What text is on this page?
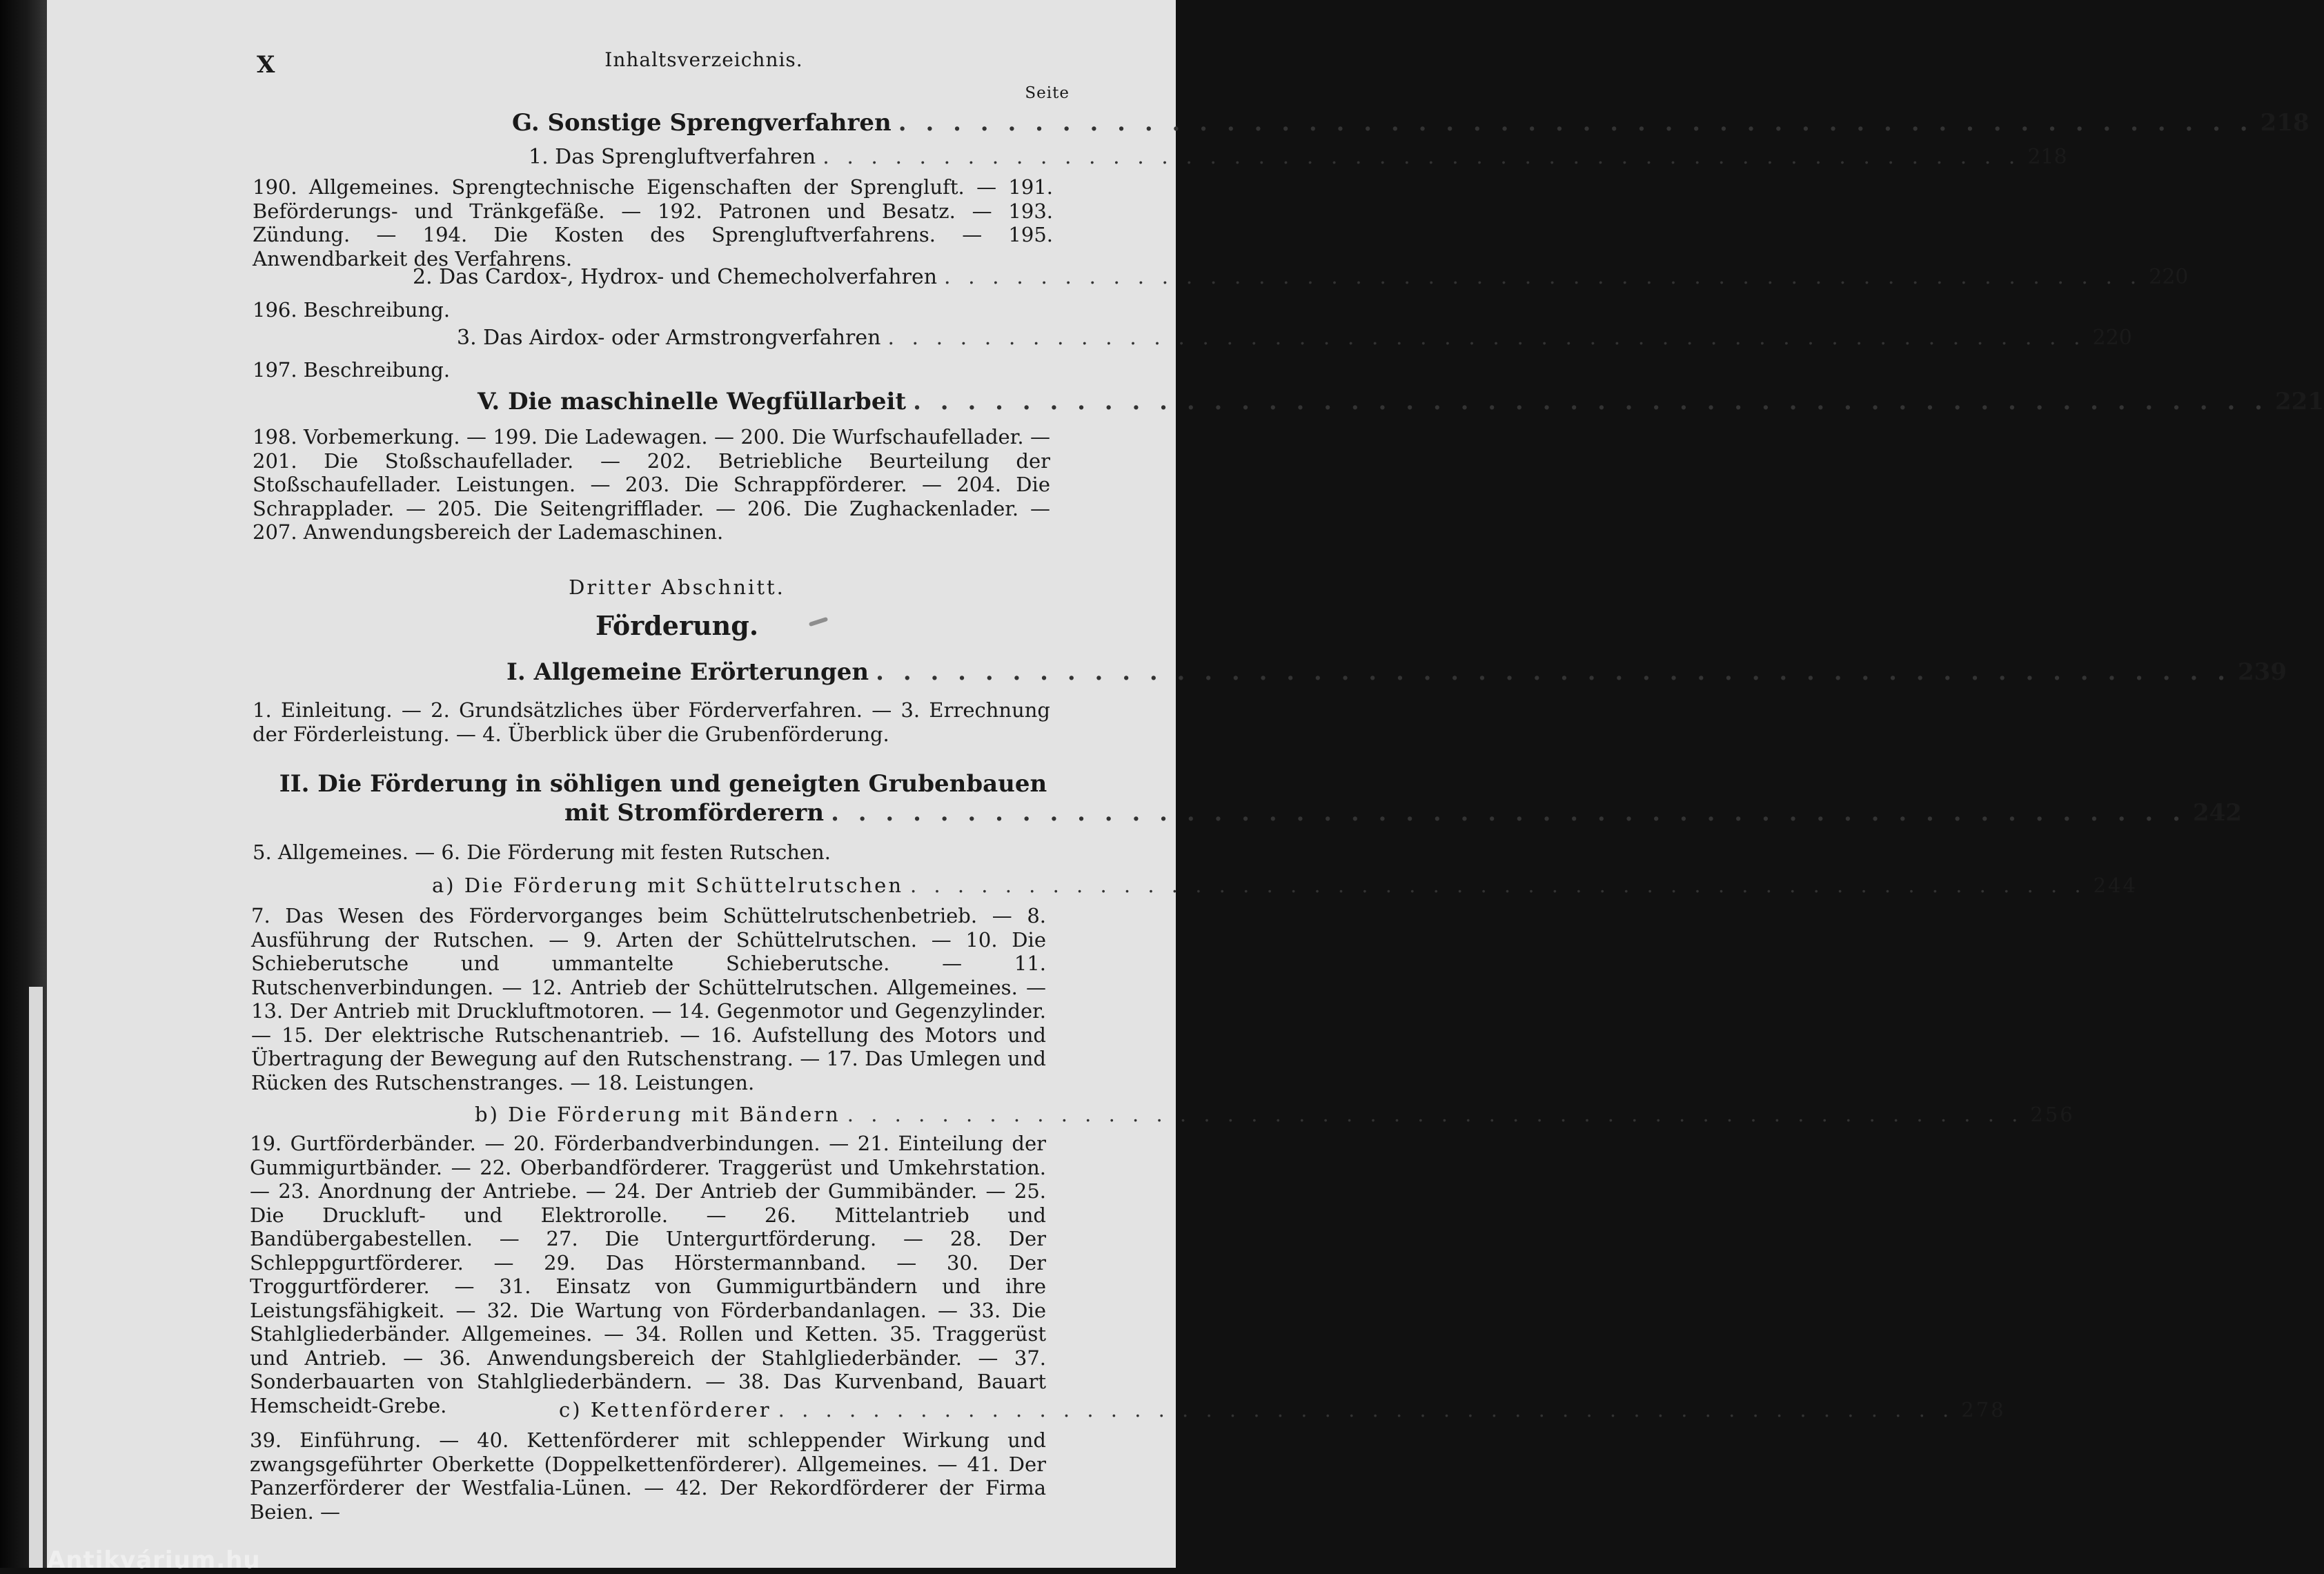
Antikvárium.hu
X	Inhaltsverzeichnis.
Seite
G. Sonstige Sprengverfahren . . . . . . . . . . . . . . . . . . . . . . . . . . . . . . . . . . . . . . . . . . . . . . . . . . 218
1. Das Sprengluftverfahren . . . . . . . . . . . . . . . . . . . . . . . . . . . . . . . . . . . . . . . . . . . . . . . . . . 218
190. Allgemeines. Sprengtechnische Eigenschaften der Sprengluft. — 191. Beförderungs- und Tränkgefäße. — 192. Patronen und Besatz. — 193. Zündung. — 194. Die Kosten des Sprengluftverfahrens. — 195. Anwendbarkeit des Verfahrens.
2. Das Cardox-, Hydrox- und Chemecholverfahren . . . . . . . . . . . . . . . . . . . . . . . . . . . . . . . . . . . . . . . . . . . . . . . . . . 220
196. Beschreibung.
3. Das Airdox- oder Armstrongverfahren . . . . . . . . . . . . . . . . . . . . . . . . . . . . . . . . . . . . . . . . . . . . . . . . . . 220
197. Beschreibung.
V. Die maschinelle Wegfüllarbeit . . . . . . . . . . . . . . . . . . . . . . . . . . . . . . . . . . . . . . . . . . . . . . . . . . 221
198. Vorbemerkung. — 199. Die Ladewagen. — 200. Die Wurfschaufellader. — 201. Die Stoßschaufellader. — 202. Betriebliche Beurteilung der Stoßschaufellader. Leistungen. — 203. Die Schrappförderer. — 204. Die Schrapplader. — 205. Die Seitengrifflader. — 206. Die Zughackenlader. — 207. Anwendungsbereich der Lademaschinen.
Dritter Abschnitt.
Förderung.
I. Allgemeine Erörterungen . . . . . . . . . . . . . . . . . . . . . . . . . . . . . . . . . . . . . . . . . . . . . . . . . . 239
1. Einleitung. — 2. Grundsätzliches über Förderverfahren. — 3. Errechnung der Förderleistung. — 4. Überblick über die Grubenförderung.
II. Die Förderung in söhligen und geneigten Grubenbauen
mit Stromförderern . . . . . . . . . . . . . . . . . . . . . . . . . . . . . . . . . . . . . . . . . . . . . . . . . . 242
5. Allgemeines. — 6. Die Förderung mit festen Rutschen.
a) Die Förderung mit Schüttelrutschen . . . . . . . . . . . . . . . . . . . . . . . . . . . . . . . . . . . . . . . . . . . . . . . . . . 244
7. Das Wesen des Fördervorganges beim Schüttelrutschenbetrieb. — 8. Ausführung der Rutschen. — 9. Arten der Schüttelrutschen. — 10. Die Schieberutsche und ummantelte Schieberutsche. — 11. Rutschenverbindungen. — 12. Antrieb der Schüttelrutschen. Allgemeines. — 13. Der Antrieb mit Druckluftmotoren. — 14. Gegenmotor und Gegenzylinder. — 15. Der elektrische Rutschenantrieb. — 16. Aufstellung des Motors und Übertragung der Bewegung auf den Rutschenstrang. — 17. Das Umlegen und Rücken des Rutschenstranges. — 18. Leistungen.
b) Die Förderung mit Bändern . . . . . . . . . . . . . . . . . . . . . . . . . . . . . . . . . . . . . . . . . . . . . . . . . . 256
19. Gurtförderbänder. — 20. Förderbandverbindungen. — 21. Einteilung der Gummigurtbänder. — 22. Oberbandförderer. Traggerüst und Umkehrstation. — 23. Anordnung der Antriebe. — 24. Der Antrieb der Gummibänder. — 25. Die Druckluft- und Elektrorolle. — 26. Mittelantrieb und Bandübergabestellen. — 27. Die Untergurtförderung. — 28. Der Schleppgurtförderer. — 29. Das Hörstermannband. — 30. Der Troggurtförderer. — 31. Einsatz von Gummigurtbändern und ihre Leistungsfähigkeit. — 32. Die Wartung von Förderbandanlagen. — 33. Die Stahlgliederbänder. Allgemeines. — 34. Rollen und Ketten. 35. Traggerüst und Antrieb. — 36. Anwendungsbereich der Stahlgliederbänder. — 37. Sonderbauarten von Stahlgliederbändern. — 38. Das Kurvenband, Bauart Hemscheidt-Grebe.	c) Kettenförderer . . . . . . . . . . . . . . . . . . . . . . . . . . . . . . . . . . . . . . . . . . . . . . . . . . 278
39. Einführung. — 40. Kettenförderer mit schleppender Wirkung und zwangsgeführter Oberkette (Doppelkettenförderer). Allgemeines. — 41. Der Panzerförderer der Westfalia-Lünen. — 42. Der Rekordförderer der Firma Beien. —
